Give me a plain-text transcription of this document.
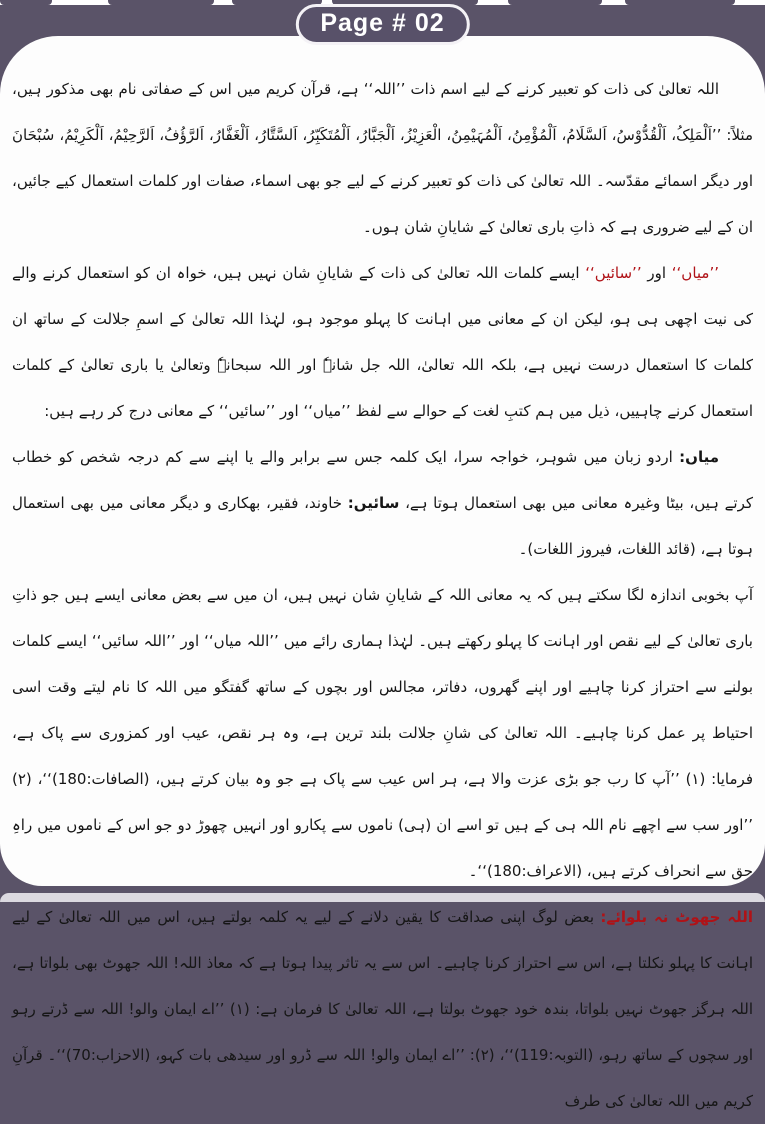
Page # 02

اللہ تعالیٰ کی ذات کو تعبیر کرنے کے لیے اسم ذات ’’اللہ‘‘ ہے، قرآن کریم میں اس کے صفاتی نام بھی مذکور ہیں، مثلاً: ’’اَلْمَلِکُ، اَلْقُدُّوْسُ، اَلسَّلَامُ، اَلْمُؤْمِنُ، اَلْمُہَیْمِنُ، الْعَزِیْزُ، اَلْجَبَّارُ، اَلْمُتَکَبِّرُ، اَلسَّتَّارُ، اَلْغَفَّارُ، اَلرَّؤُفُ، اَلرَّحِیْمُ، اَلْکَرِیْمُ، سُبْحَانَ اور دیگر اسمائے مقدّسہ۔ اللہ تعالیٰ کی ذات کو تعبیر کرنے کے لیے جو بھی اسماء، صفات اور کلمات استعمال کیے جائیں، ان کے لیے ضروری ہے کہ ذاتِ باری تعالیٰ کے شایانِ شان ہوں۔

’’میاں‘‘ اور ’’سائیں‘‘ ایسے کلمات اللہ تعالیٰ کی ذات کے شایانِ شان نہیں ہیں، خواہ ان کو استعمال کرنے والے کی نیت اچھی ہی ہو، لیکن ان کے معانی میں اہانت کا پہلو موجود ہو، لہٰذا اللہ تعالیٰ کے اسمِ جلالت کے ساتھ ان کلمات کا استعمال درست نہیں ہے، بلکہ اللہ تعالیٰ، اللہ جل شانہٗ اور اللہ سبحانہٗ وتعالیٰ یا باری تعالیٰ کے کلمات استعمال کرنے چاہییں، ذیل میں ہم کتبِ لغت کے حوالے سے لفظ ’’میاں‘‘ اور ’’سائیں‘‘ کے معانی درج کر رہے ہیں:

میاں: اردو زبان میں شوہر، خواجہ سرا، ایک کلمہ جس سے برابر والے یا اپنے سے کم درجہ شخص کو خطاب کرتے ہیں، بیٹا وغیرہ معانی میں بھی استعمال ہوتا ہے، سائیں: خاوند، فقیر، بھکاری و دیگر معانی میں بھی استعمال ہوتا ہے، (قائد اللغات، فیروز اللغات)۔

آپ بخوبی اندازہ لگا سکتے ہیں کہ یہ معانی اللہ کے شایانِ شان نہیں ہیں، ان میں سے بعض معانی ایسے ہیں جو ذاتِ باری تعالیٰ کے لیے نقص اور اہانت کا پہلو رکھتے ہیں۔ لہٰذا ہماری رائے میں ’’اللہ میاں‘‘ اور ’’اللہ سائیں‘‘ ایسے کلمات بولنے سے احتراز کرنا چاہیے اور اپنے گھروں، دفاتر، مجالس اور بچوں کے ساتھ گفتگو میں اللہ کا نام لیتے وقت اسی احتیاط پر عمل کرنا چاہیے۔ اللہ تعالیٰ کی شانِ جلالت بلند ترین ہے، وہ ہر نقص، عیب اور کمزوری سے پاک ہے، فرمایا: (۱) ’’آپ کا رب جو بڑی عزت والا ہے، ہر اس عیب سے پاک ہے جو وہ بیان کرتے ہیں، (الصافات:180)‘‘، (۲) ’’اور سب سے اچھے نام اللہ ہی کے ہیں تو اسے ان (ہی) ناموں سے پکارو اور انہیں چھوڑ دو جو اس کے ناموں میں راہِ حق سے انحراف کرتے ہیں، (الاعراف:180)‘‘۔

اللہ جھوٹ نہ بلوائے: بعض لوگ اپنی صداقت کا یقین دلانے کے لیے یہ کلمہ بولتے ہیں، اس میں اللہ تعالیٰ کے لیے اہانت کا پہلو نکلتا ہے، اس سے احتراز کرنا چاہیے۔ اس سے یہ تاثر پیدا ہوتا ہے کہ معاذ اللہ! اللہ جھوٹ بھی بلواتا ہے، اللہ ہرگز جھوٹ نہیں بلواتا، بندہ خود جھوٹ بولتا ہے، اللہ تعالیٰ کا فرمان ہے: (۱) ’’اے ایمان والو! اللہ سے ڈرتے رہو اور سچوں کے ساتھ رہو، (التوبہ:119)‘‘، (۲): ’’اے ایمان والو! اللہ سے ڈرو اور سیدھی بات کہو، (الاحزاب:70)‘‘۔ قرآنِ کریم میں اللہ تعالیٰ کی طرف
